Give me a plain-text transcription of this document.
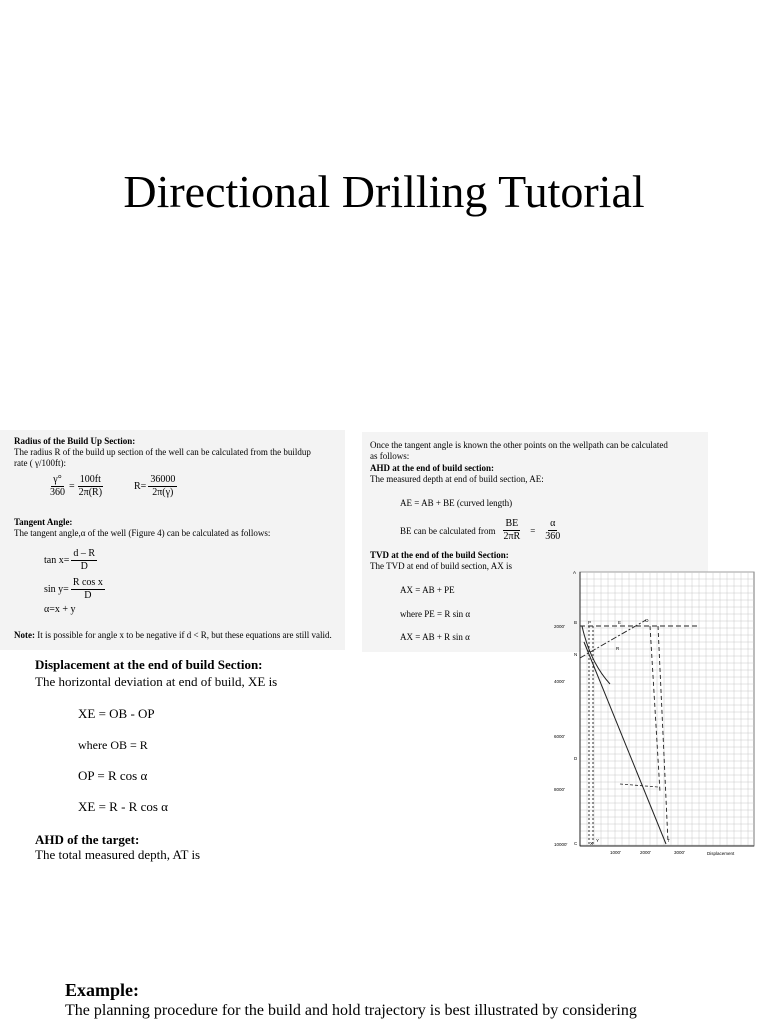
Directional Drilling Tutorial
Radius of the Build Up Section:
The radius R of the build up section of the well can be calculated from the buildup
rate ( γ/100ft):
$\frac{\gamma^\circ}{360} = \frac{100ft}{2\pi(R)}$	$R= \frac{36000}{2\pi(\gamma)}$
Tangent Angle:
The tangent angle,α of the well (Figure 4) can be calculated as follows:
$\tan x= \frac{d - R}{D}$
$\sin y= \frac{\text{R cos x}}{D}$
α=x + y
Note: It is possible for angle x to be negative if d < R, but these equations are still valid.
Once the tangent angle is known the other points on the wellpath can be calculated
as follows:
AHD at the end of build section:
The measured depth at end of build section, AE:
AE = AB + BE (curved length)
BE can be calculated from $\frac{BE}{2\pi R} = \frac{\alpha}{360}$
TVD at the end of the build Section:
The TVD at end of build section, AX is
AX = AB + PE
where PE = R sin α
AX = AB + R sin α
Displacement at the end of build Section:
The horizontal deviation at end of build, XE is
XE = OB - OP
where OB = R
OP = R cos α
XE = R - R cos α
AHD of the target:
The total measured depth, AT is
2000'
4000'
6000'
8000'
10000'
1000'	2000'	3000'
A
B P	E	O
N
R
D
C	X
Y	T
Displacement
Example:
The planning procedure for the build and hold trajectory is best illustrated by considering
